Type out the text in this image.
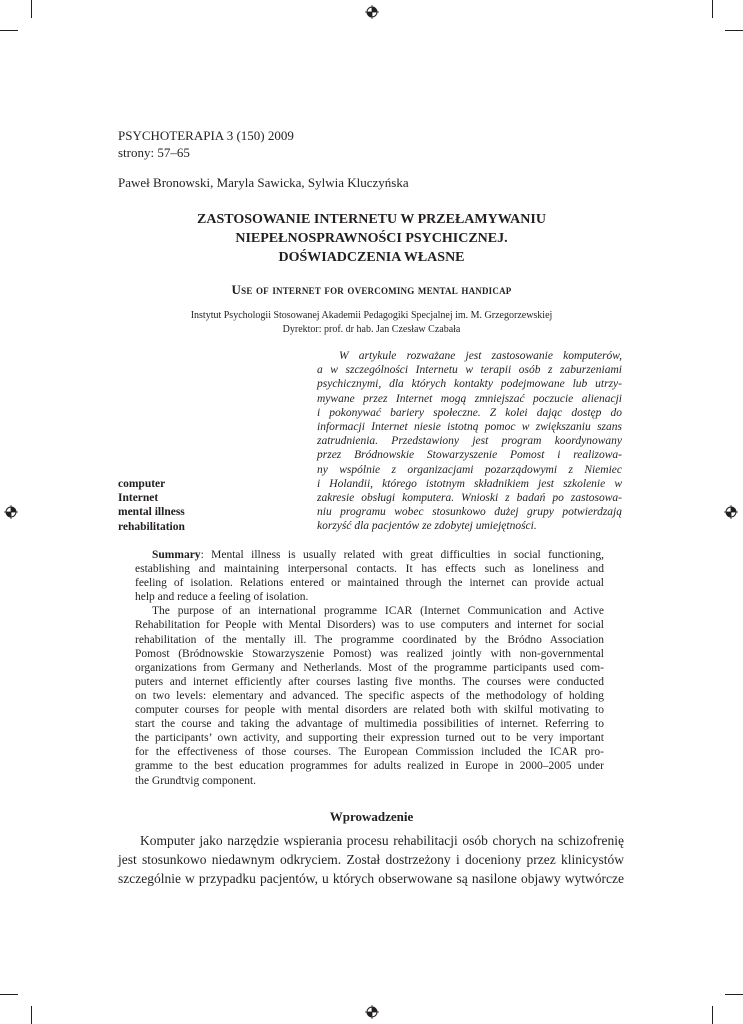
PSYCHOTERAPIA 3 (150) 2009
strony: 57–65
Paweł Bronowski, Maryla Sawicka, Sylwia Kluczyńska
ZASTOSOWANIE INTERNETU W PRZEŁAMYWANIU
NIEPEŁNOSPRAWNOŚCI PSYCHICZNEJ.
DOŚWIADCZENIA WŁASNE
Use of internet for overcoming mental handicap
Instytut Psychologii Stosowanej Akademii Pedagogiki Specjalnej im. M. Grzegorzewskiej
Dyrektor: prof. dr hab. Jan Czesław Czabała
W artykule rozważane jest zastosowanie komputerów,
a w szczególności Internetu w terapii osób z zaburzeniami
psychicznymi, dla których kontakty podejmowane lub utrzy-
mywane przez Internet mogą zmniejszać poczucie alienacji
i pokonywać bariery społeczne. Z kolei dając dostęp do
informacji Internet niesie istotną pomoc w zwiększaniu szans
zatrudnienia. Przedstawiony jest program koordynowany
przez Bródnowskie Stowarzyszenie Pomost i realizowa-
ny wspólnie z organizacjami pozarządowymi z Niemiec
i Holandii, którego istotnym składnikiem jest szkolenie w
zakresie obsługi komputera. Wnioski z badań po zastosowa-
niu programu wobec stosunkowo dużej grupy potwierdzają
korzyść dla pacjentów ze zdobytej umiejętności.
computer
Internet
mental illness
rehabilitation
Summary: Mental illness is usually related with great difficulties in social functioning,
establishing and maintaining interpersonal contacts. It has effects such as loneliness and
feeling of isolation. Relations entered or maintained through the internet can provide actual
help and reduce a feeling of isolation.
The purpose of an international programme ICAR (Internet Communication and Active
Rehabilitation for People with Mental Disorders) was to use computers and internet for social
rehabilitation of the mentally ill. The programme coordinated by the Bródno Association
Pomost (Bródnowskie Stowarzyszenie Pomost) was realized jointly with non-governmental
organizations from Germany and Netherlands. Most of the programme participants used com-
puters and internet efficiently after courses lasting five months. The courses were conducted
on two levels: elementary and advanced. The specific aspects of the methodology of holding
computer courses for people with mental disorders are related both with skilful motivating to
start the course and taking the advantage of multimedia possibilities of internet. Referring to
the participants’ own activity, and supporting their expression turned out to be very important
for the effectiveness of those courses. The European Commission included the ICAR pro-
gramme to the best education programmes for adults realized in Europe in 2000–2005 under
the Grundtvig component.
Wprowadzenie
Komputer jako narzędzie wspierania procesu rehabilitacji osób chorych na schizofrenię
jest stosunkowo niedawnym odkryciem. Został dostrzeżony i doceniony przez klinicystów
szczególnie w przypadku pacjentów, u których obserwowane są nasilone objawy wytwórcze
